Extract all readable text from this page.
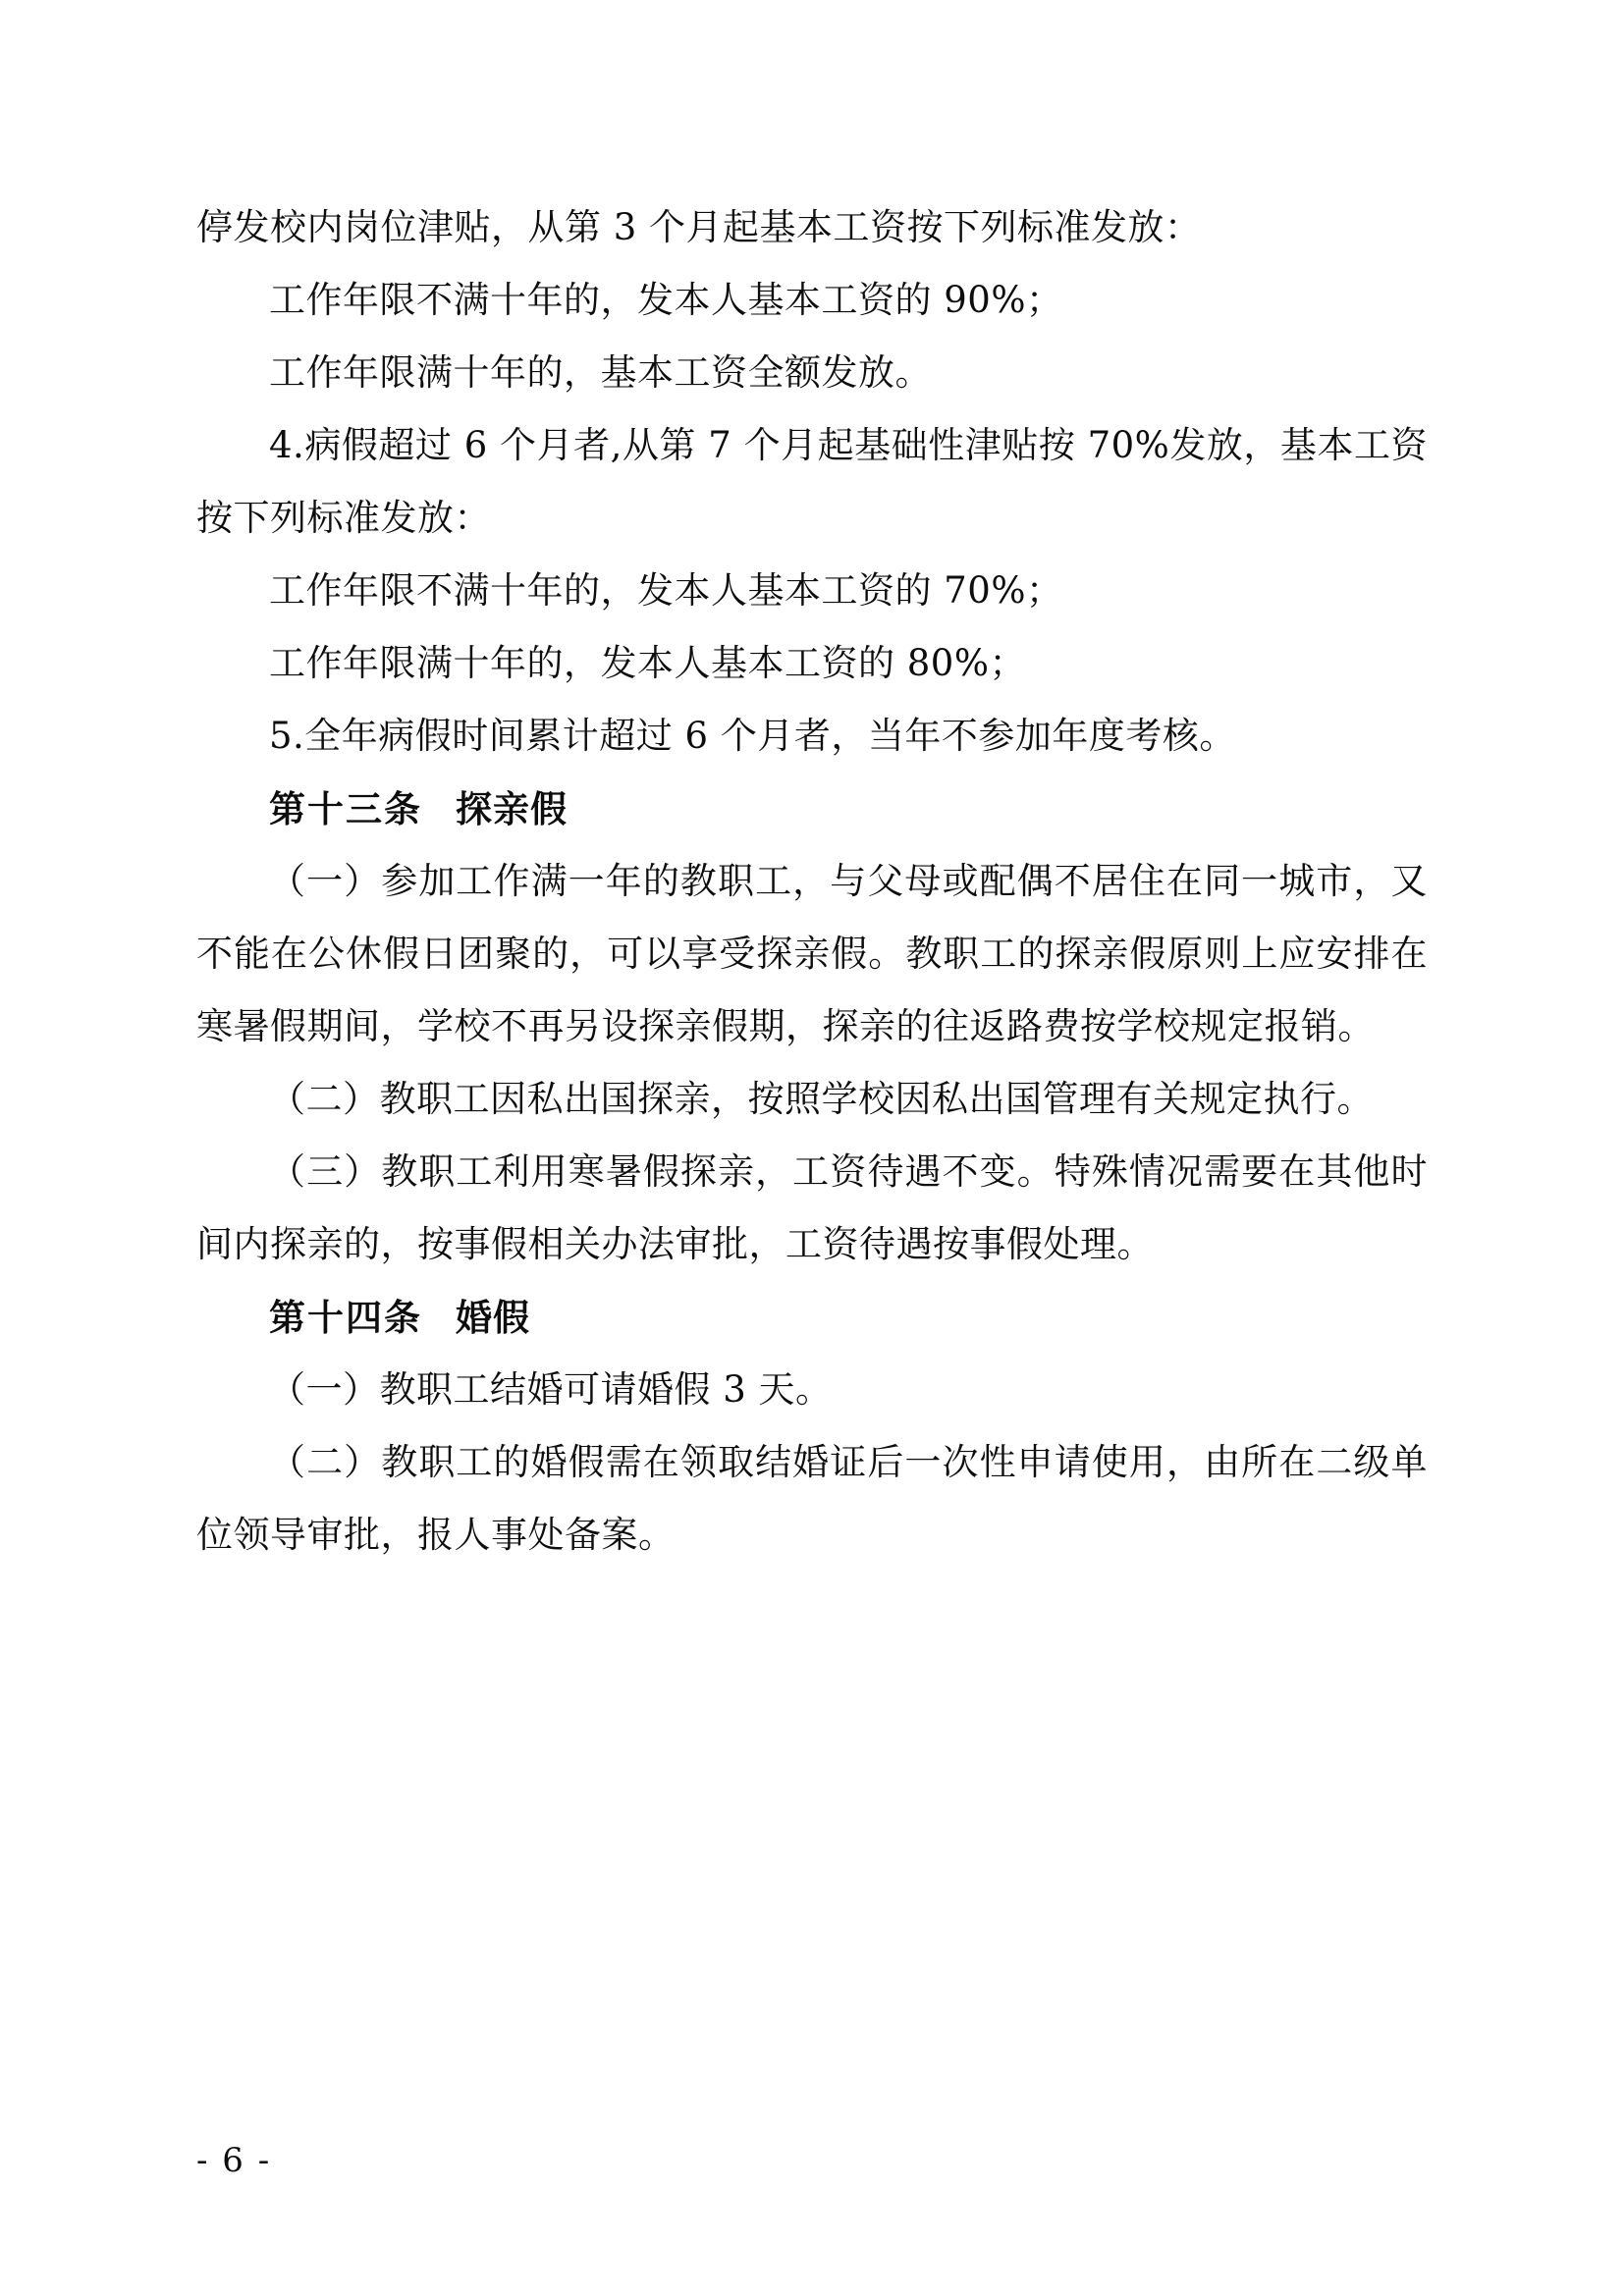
停发校内岗位津贴，从第 3 个月起基本工资按下列标准发放：

工作年限不满十年的，发本人基本工资的 90%；

工作年限满十年的，基本工资全额发放。

4.病假超过 6 个月者,从第 7 个月起基础性津贴按 70%发放，基本工资按下列标准发放：

工作年限不满十年的，发本人基本工资的 70%；

工作年限满十年的，发本人基本工资的 80%；

5.全年病假时间累计超过 6 个月者，当年不参加年度考核。

第十三条 探亲假

（一）参加工作满一年的教职工，与父母或配偶不居住在同一城市，又不能在公休假日团聚的，可以享受探亲假。教职工的探亲假原则上应安排在寒暑假期间，学校不再另设探亲假期，探亲的往返路费按学校规定报销。

（二）教职工因私出国探亲，按照学校因私出国管理有关规定执行。

（三）教职工利用寒暑假探亲，工资待遇不变。特殊情况需要在其他时间内探亲的，按事假相关办法审批，工资待遇按事假处理。

第十四条 婚假

（一）教职工结婚可请婚假 3 天。

（二）教职工的婚假需在领取结婚证后一次性申请使用，由所在二级单位领导审批，报人事处备案。

- 6 -
